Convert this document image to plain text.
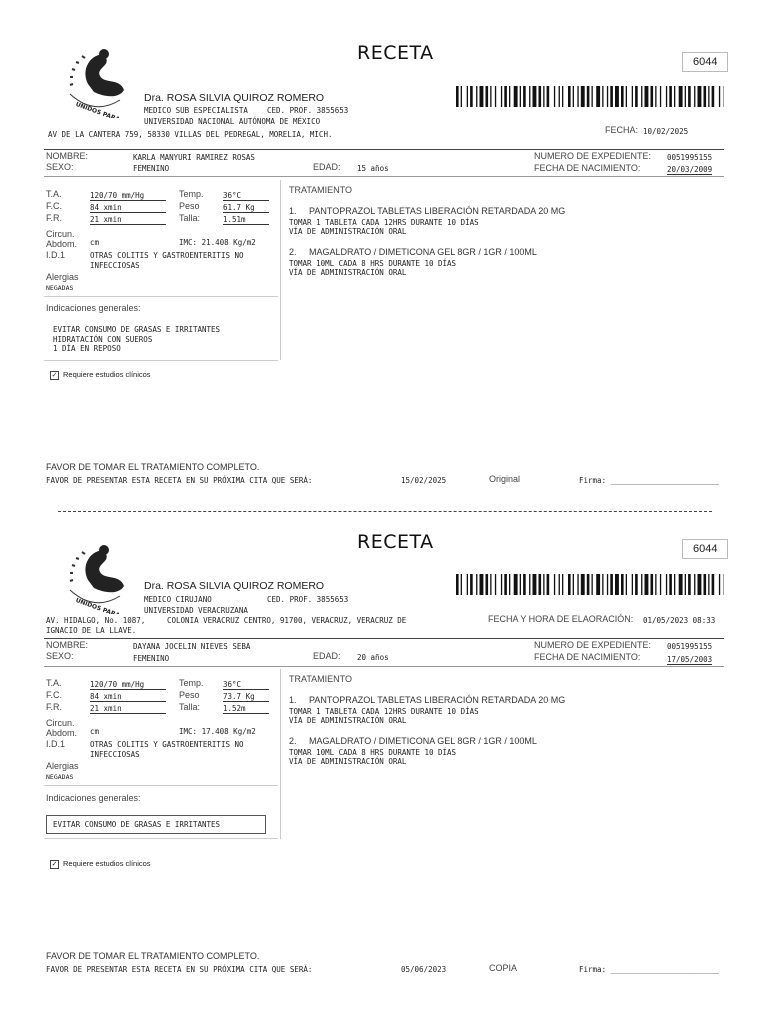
UNIDOS PARA
RECETA	6044
Dra. ROSA SILVIA QUIROZ ROMERO
MEDICO SUB ESPECIALISTA	CED. PROF. 3855653
UNIVERSIDAD NACIONAL AUTÓNOMA DE MÉXICO
AV DE LA CANTERA 759, 58330 VILLAS DEL PEDREGAL, MORELIA, MICH.	FECHA: 10/02/2025
NOMBRE:	KARLA MANYURI RAMIREZ ROSAS
SEXO:	FEMENINO	EDAD: 15 años
NUMERO DE EXPEDIENTE: 0051995155
FECHA DE NACIMIENTO:	20/03/2009
T.A.	120/70 mm/Hg
F.C.	84 xmin
F.R.	21 xmin
Temp.	36°C
Peso	61.7 Kg
Talla:	1.51m
Circun. Abdom.	cm	IMC: 21.408 Kg/m2
I.D.1	OTRAS COLITIS Y GASTROENTERITIS NO INFECCIOSAS
Alergias
NEGADAS
Indicaciones generales:
EVITAR CONSUMO DE GRASAS E IRRITANTES
HIDRATACIÓN CON SUEROS
1 DÍA EN REPOSO
✓ Requiere estudios clínicos
TRATAMIENTO
1. PANTOPRAZOL TABLETAS LIBERACIÓN RETARDADA 20 MG
TOMAR 1 TABLETA CADA 12HRS DURANTE 10 DÍAS
VÍA DE ADMINISTRACIÓN ORAL
2. MAGALDRATO / DIMETICONA GEL 8GR / 1GR / 100ML
TOMAR 10ML CADA 8 HRS DURANTE 10 DÍAS
VÍA DE ADMINISTRACIÓN ORAL
FAVOR DE TOMAR EL TRATAMIENTO COMPLETO.
FAVOR DE PRESENTAR ESTA RECETA EN SU PRÓXIMA CITA QUE SERÁ:	15/02/2025	Original	Firma: ________________________
UNIDOS PARA
RECETA	6044
Dra. ROSA SILVIA QUIROZ ROMERO
MEDICO CIRUJANO	CED. PROF. 3855653
UNIVERSIDAD VERACRUZANA
AV. HIDALGO, No. 1087,	COLONIA VERACRUZ CENTRO, 91700, VERACRUZ, VERACRUZ DE
IGNACIO DE LA LLAVE.
FECHA Y HORA DE ELAORACIÓN: 01/05/2023 08:33
NOMBRE:	DAYANA JOCELIN NIEVES SEBA
SEXO:	FEMENINO	EDAD: 20 años
NUMERO DE EXPEDIENTE: 0051995155
FECHA DE NACIMIENTO:	17/05/2003
T.A.	120/70 mm/Hg
F.C.	84 xmin
F.R.	21 xmin
Temp.	36°C
Peso	73.7 Kg
Talla:	1.52m
Circun. Abdom.	cm	IMC: 17.408 Kg/m2
I.D.1	OTRAS COLITIS Y GASTROENTERITIS NO INFECCIOSAS
Alergias
NEGADAS
Indicaciones generales:
EVITAR CONSUMO DE GRASAS E IRRITANTES
✓ Requiere estudios clínicos
TRATAMIENTO
1. PANTOPRAZOL TABLETAS LIBERACIÓN RETARDADA 20 MG
TOMAR 1 TABLETA CADA 12HRS DURANTE 10 DÍAS
VÍA DE ADMINISTRACIÓN ORAL
2. MAGALDRATO / DIMETICONA GEL 8GR / 1GR / 100ML
TOMAR 10ML CADA 8 HRS DURANTE 10 DÍAS
VÍA DE ADMINISTRACIÓN ORAL
FAVOR DE TOMAR EL TRATAMIENTO COMPLETO.
FAVOR DE PRESENTAR ESTA RECETA EN SU PRÓXIMA CITA QUE SERÁ:	05/06/2023	COPIA	Firma: ________________________
